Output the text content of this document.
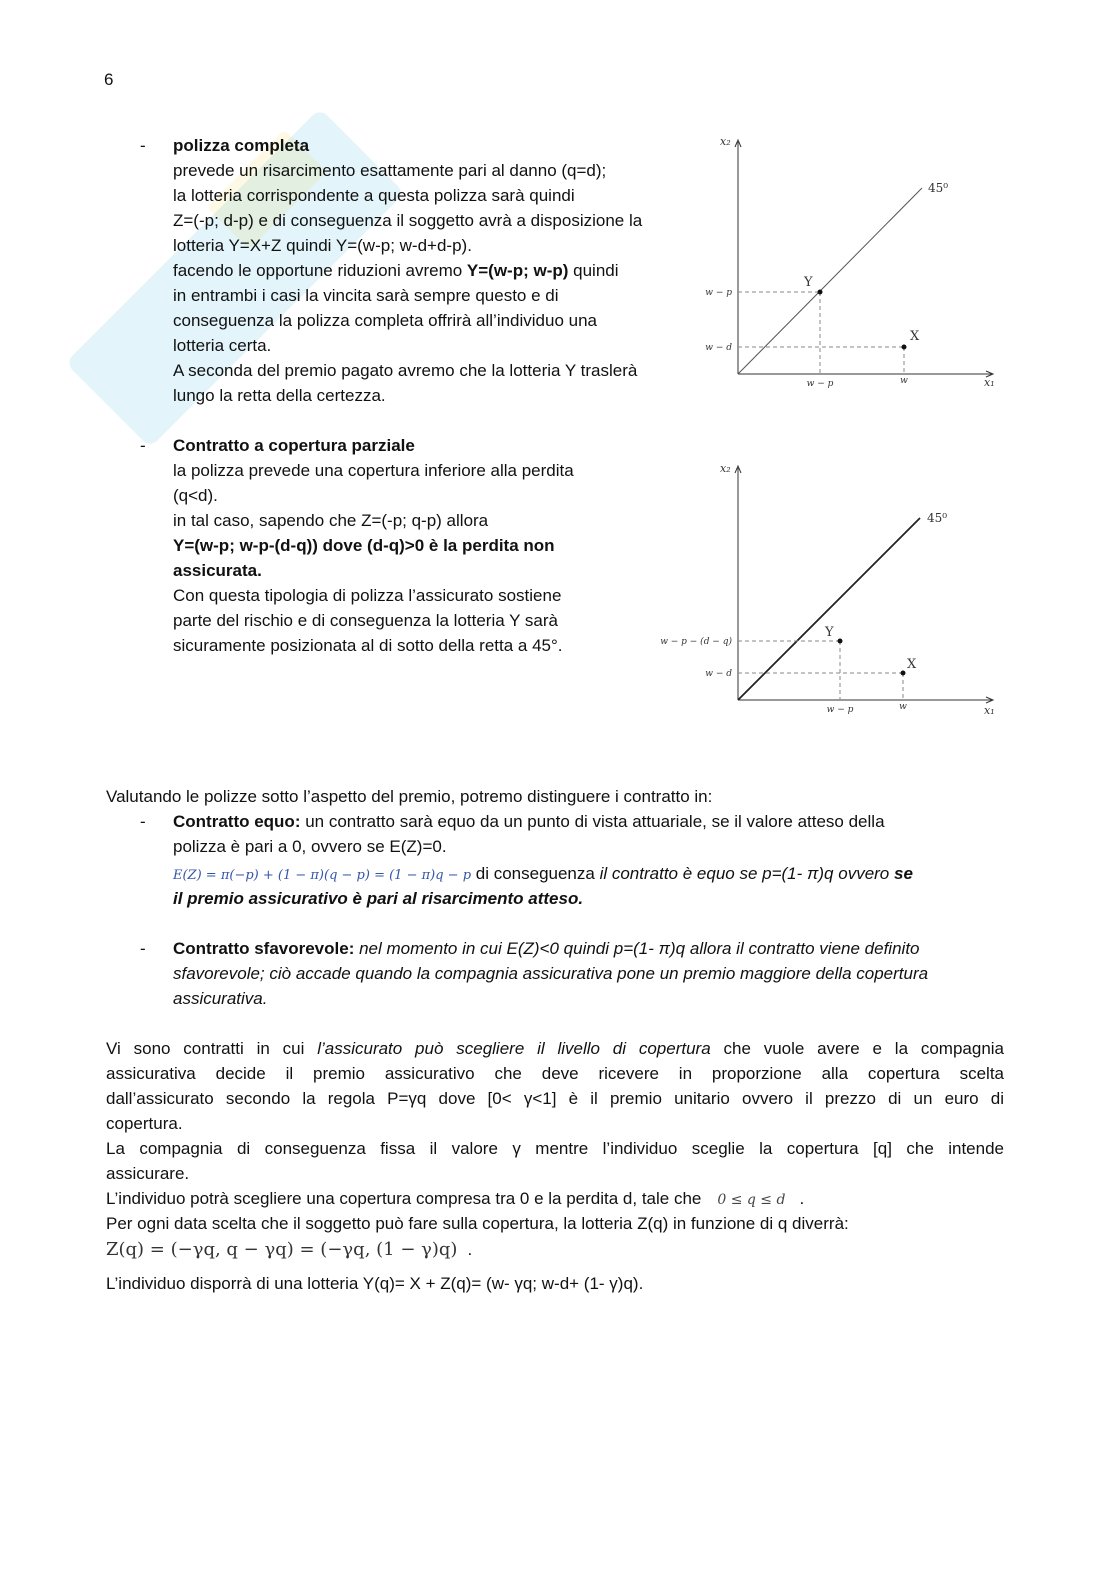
6
- polizza completa
prevede un risarcimento esattamente pari al danno (q=d);
la lotteria corrispondente a questa polizza sarà quindi
Z=(-p; d-p) e di conseguenza il soggetto avrà a disposizione la
lotteria Y=X+Z quindi Y=(w-p; w-d+d-p).
facendo le opportune riduzioni avremo Y=(w-p; w-p) quindi
in entrambi i casi la vincita sarà sempre questo e di
conseguenza la polizza completa offrirà all’individuo una
lotteria certa.
A seconda del premio pagato avremo che la lotteria Y traslerà
lungo la retta della certezza.
x₂
x₁
45⁰
Y
X
w − p
w − d
w − p	w
- Contratto a copertura parziale
la polizza prevede una copertura inferiore alla perdita
(q<d).
in tal caso, sapendo che Z=(-p; q-p) allora
Y=(w-p; w-p-(d-q)) dove (d-q)>0 è la perdita non
assicurata.
Con questa tipologia di polizza l’assicurato sostiene
parte del rischio e di conseguenza la lotteria Y sarà
sicuramente posizionata al di sotto della retta a 45°.
x₂
x₁
45⁰
Y
X
w − p − (d − q)
w − d
w − p	w
Valutando le polizze sotto l’aspetto del premio, potremo distinguere i contratto in:
- Contratto equo: un contratto sarà equo da un punto di vista attuariale, se il valore atteso della
polizza è pari a 0, ovvero se E(Z)=0.
E(Z) = π(−p) + (1 − π)(q − p) = (1 − π)q − p di conseguenza il contratto è equo se p=(1- π)q ovvero se
il premio assicurativo è pari al risarcimento atteso.
- Contratto sfavorevole: nel momento in cui E(Z)<0 quindi p=(1- π)q allora il contratto viene definito
sfavorevole; ciò accade quando la compagnia assicurativa pone un premio maggiore della copertura
assicurativa.
Vi sono contratti in cui l’assicurato può scegliere il livello di copertura che vuole avere e la compagnia
assicurativa decide il premio assicurativo che deve ricevere in proporzione alla copertura scelta
dall’assicurato secondo la regola P=γq dove [0< γ<1] è il premio unitario ovvero il prezzo di un euro di
copertura.
La compagnia di conseguenza fissa il valore γ mentre l’individuo sceglie la copertura [q] che intende
assicurare.
L’individuo potrà scegliere una copertura compresa tra 0 e la perdita d, tale che 0 ≤ q ≤ d .
Per ogni data scelta che il soggetto può fare sulla copertura, la lotteria Z(q) in funzione di q diverrà:
Z(q) = (−γq, q − γq) = (−γq, (1 − γ)q) .
L’individuo disporrà di una lotteria Y(q)= X + Z(q)= (w- γq; w-d+ (1- γ)q).
